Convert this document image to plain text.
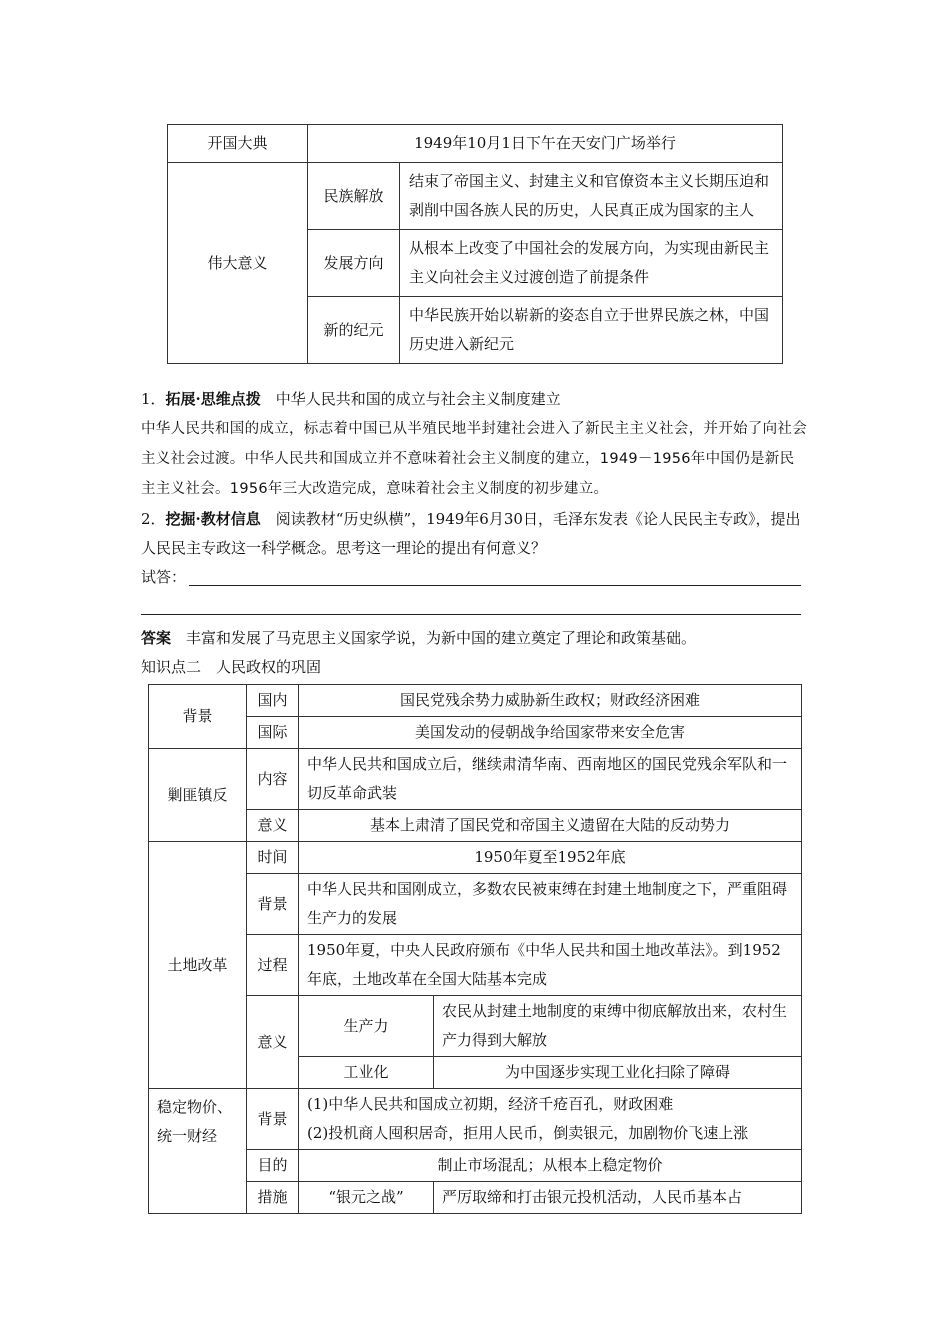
开国大典	1949年10月1日下午在天安门广场举行	
伟大意义	民族解放	结束了帝国主义、封建主义和官僚资本主义长期压迫和剥削中国各族人民的历史，人民真正成为国家的主人
	发展方向	从根本上改变了中国社会的发展方向，为实现由新民主主义向社会主义过渡创造了前提条件
	新的纪元	中华民族开始以崭新的姿态自立于世界民族之林，中国历史进入新纪元
1．拓展·思维点拨　 中华人民共和国的成立与社会主义制度建立
中华人民共和国的成立，标志着中国已从半殖民地半封建社会进入了新民主主义社会，并开始了向社会主义社会过渡。中华人民共和国成立并不意味着社会主义制度的建立，1949－1956年中国仍是新民主主义社会。1956年三大改造完成，意味着社会主义制度的初步建立。
2．挖掘·教材信息　 阅读教材“历史纵横”，1949年6月30日，毛泽东发表《论人民民主专政》，提出人民民主专政这一科学概念。思考这一理论的提出有何意义？
试答：
答案　 丰富和发展了马克思主义国家学说，为新中国的建立奠定了理论和政策基础。
知识点二　人民政权的巩固
背景	国内	国民党残余势力威胁新生政权；财政经济困难	
	国际	美国发动的侵朝战争给国家带来安全危害	
剿匪镇反	内容	中华人民共和国成立后，继续肃清华南、西南地区的国民党残余军队和一切反革命武装	
	意义	基本上肃清了国民党和帝国主义遗留在大陆的反动势力	
土地改革	时间	1950年夏至1952年底	
	背景	中华人民共和国刚成立，多数农民被束缚在封建土地制度之下，严重阻碍生产力的发展	
	过程	1950年夏，中央人民政府颁布《中华人民共和国土地改革法》。到1952年底，土地改革在全国大陆基本完成	
	意义	生产力	农民从封建土地制度的束缚中彻底解放出来，农村生产力得到大解放
		工业化	为中国逐步实现工业化扫除了障碍
稳定物价、统一财经	背景	(1)中华人民共和国成立初期，经济千疮百孔，财政困难
(2)投机商人囤积居奇，拒用人民币，倒卖银元，加剧物价飞速上涨	

	目的	制止市场混乱；从根本上稳定物价	
	措施	“银元之战”	严厉取缔和打击银元投机活动，人民币基本占
